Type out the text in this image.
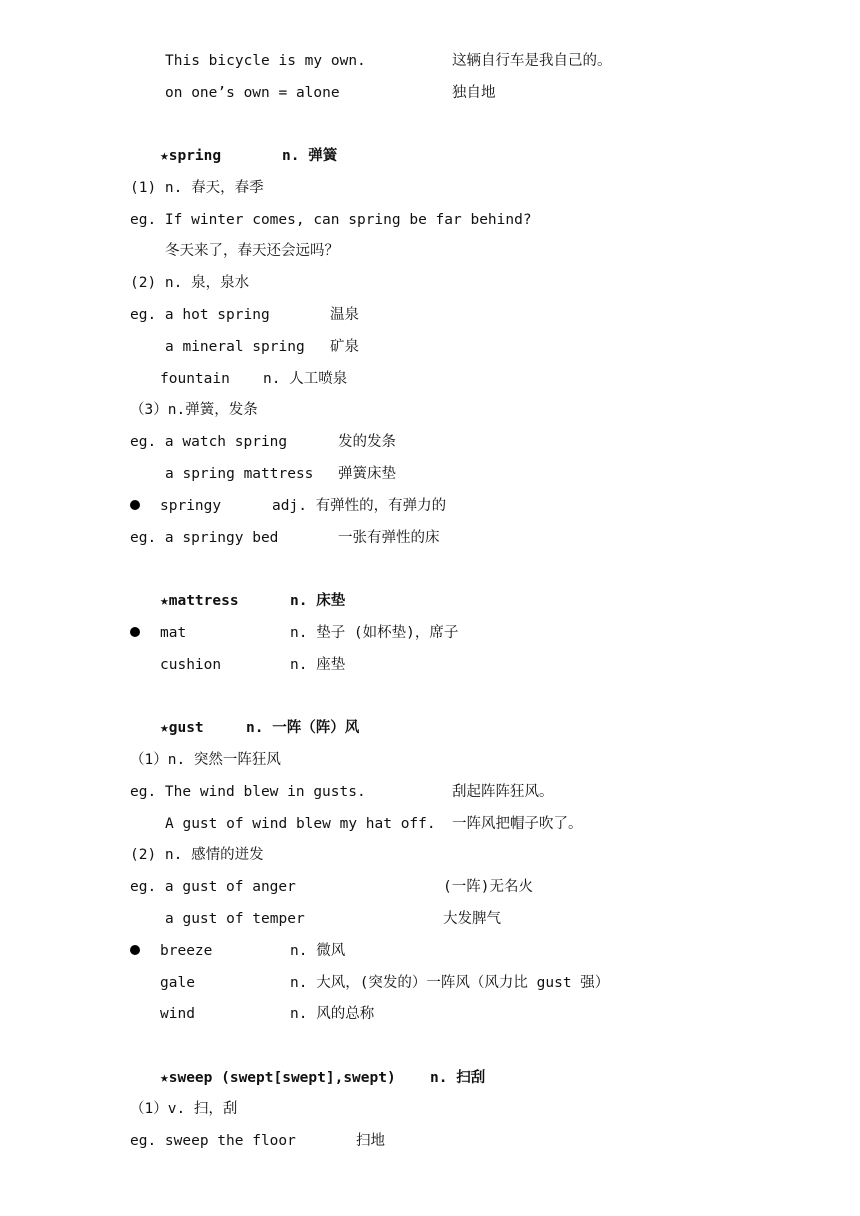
This bicycle is my own.	这辆自行车是我自己的。
on one’s own = alone	独自地
★spring	n. 弹簧
(1) n. 春天，春季
eg. If winter comes, can spring be far behind?
冬天来了，春天还会远吗？
(2) n. 泉，泉水
eg. a hot spring	温泉
a mineral spring 矿泉
fountain n. 人工喷泉
（3）n.弹簧，发条
eg. a watch spring	发的发条
a spring mattress 弹簧床垫
springy	adj. 有弹性的，有弹力的
eg. a springy bed	一张有弹性的床
★mattress	n. 床垫
mat	n. 垫子 (如杯垫)，席子
cushion	n. 座垫
★gust	n. 一阵（阵）风
（1）n. 突然一阵狂风
eg. The wind blew in gusts.	刮起阵阵狂风。
A gust of wind blew my hat off. 一阵风把帽子吹了。
(2) n. 感情的迸发
eg. a gust of anger	(一阵)无名火
a gust of temper	大发脾气
breeze	n. 微风
gale	n. 大风，(突发的）一阵风（风力比 gust 强）
wind	n. 风的总称
★sweep (swept[swept],swept) n. 扫刮
（1）v. 扫，刮
eg. sweep the floor	扫地
